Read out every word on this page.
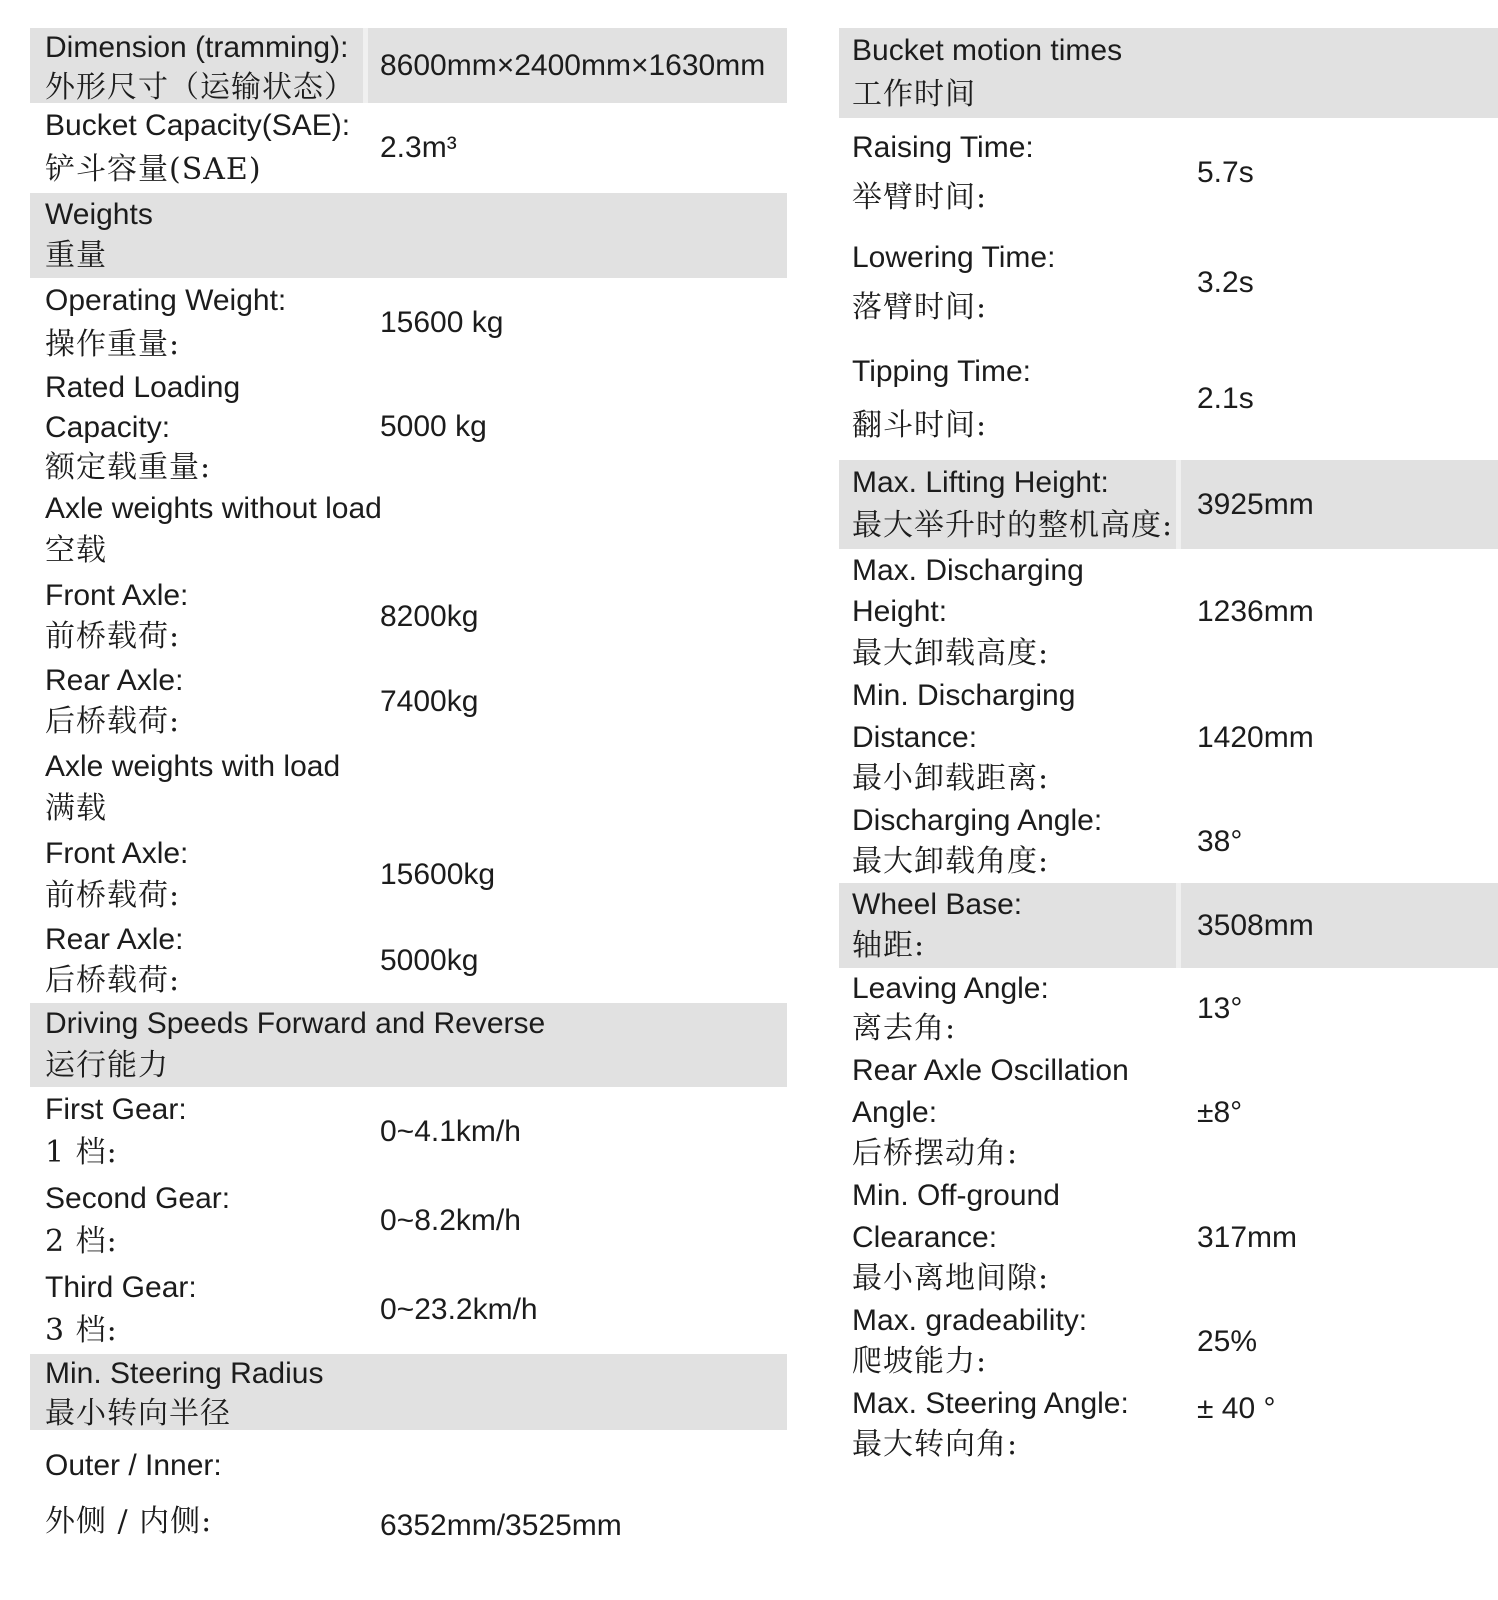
Dimension (tramming):
外形尺寸（运输状态）
8600mm×2400mm×1630mm
Bucket Capacity(SAE):
铲斗容量(SAE)
2.3m³
Weights
重量
Operating Weight:
操作重量:
15600 kg
Rated Loading
Capacity:
额定载重量:
5000 kg
Axle weights without load
空载
Front Axle:
前桥载荷:
8200kg
Rear Axle:
后桥载荷:
7400kg
Axle weights with load
满载
Front Axle:
前桥载荷:
15600kg
Rear Axle:
后桥载荷:
5000kg
Driving Speeds Forward and Reverse
运行能力
First Gear:
1 档:
0~4.1km/h
Second Gear:
2 档:
0~8.2km/h
Third Gear:
3 档:
0~23.2km/h
Min. Steering Radius
最小转向半径
Outer / Inner:
外侧 / 内侧:	6352mm/3525mm
Bucket motion times
工作时间
Raising Time:
举臂时间:
5.7s
Lowering Time:
落臂时间:
3.2s
Tipping Time:
翻斗时间:
2.1s
Max. Lifting Height:
最大举升时的整机高度:
3925mm
Max. Discharging
Height:
最大卸载高度:
1236mm
Min. Discharging
Distance:
最小卸载距离:
1420mm
Discharging Angle:
最大卸载角度:
38°
Wheel Base:
轴距:
3508mm
Leaving Angle:
离去角:
13°
Rear Axle Oscillation
Angle:
后桥摆动角:
±8°
Min. Off-ground
Clearance:
最小离地间隙:
317mm
Max. gradeability:
爬坡能力:
25%
Max. Steering Angle:
最大转向角:
± 40 °
